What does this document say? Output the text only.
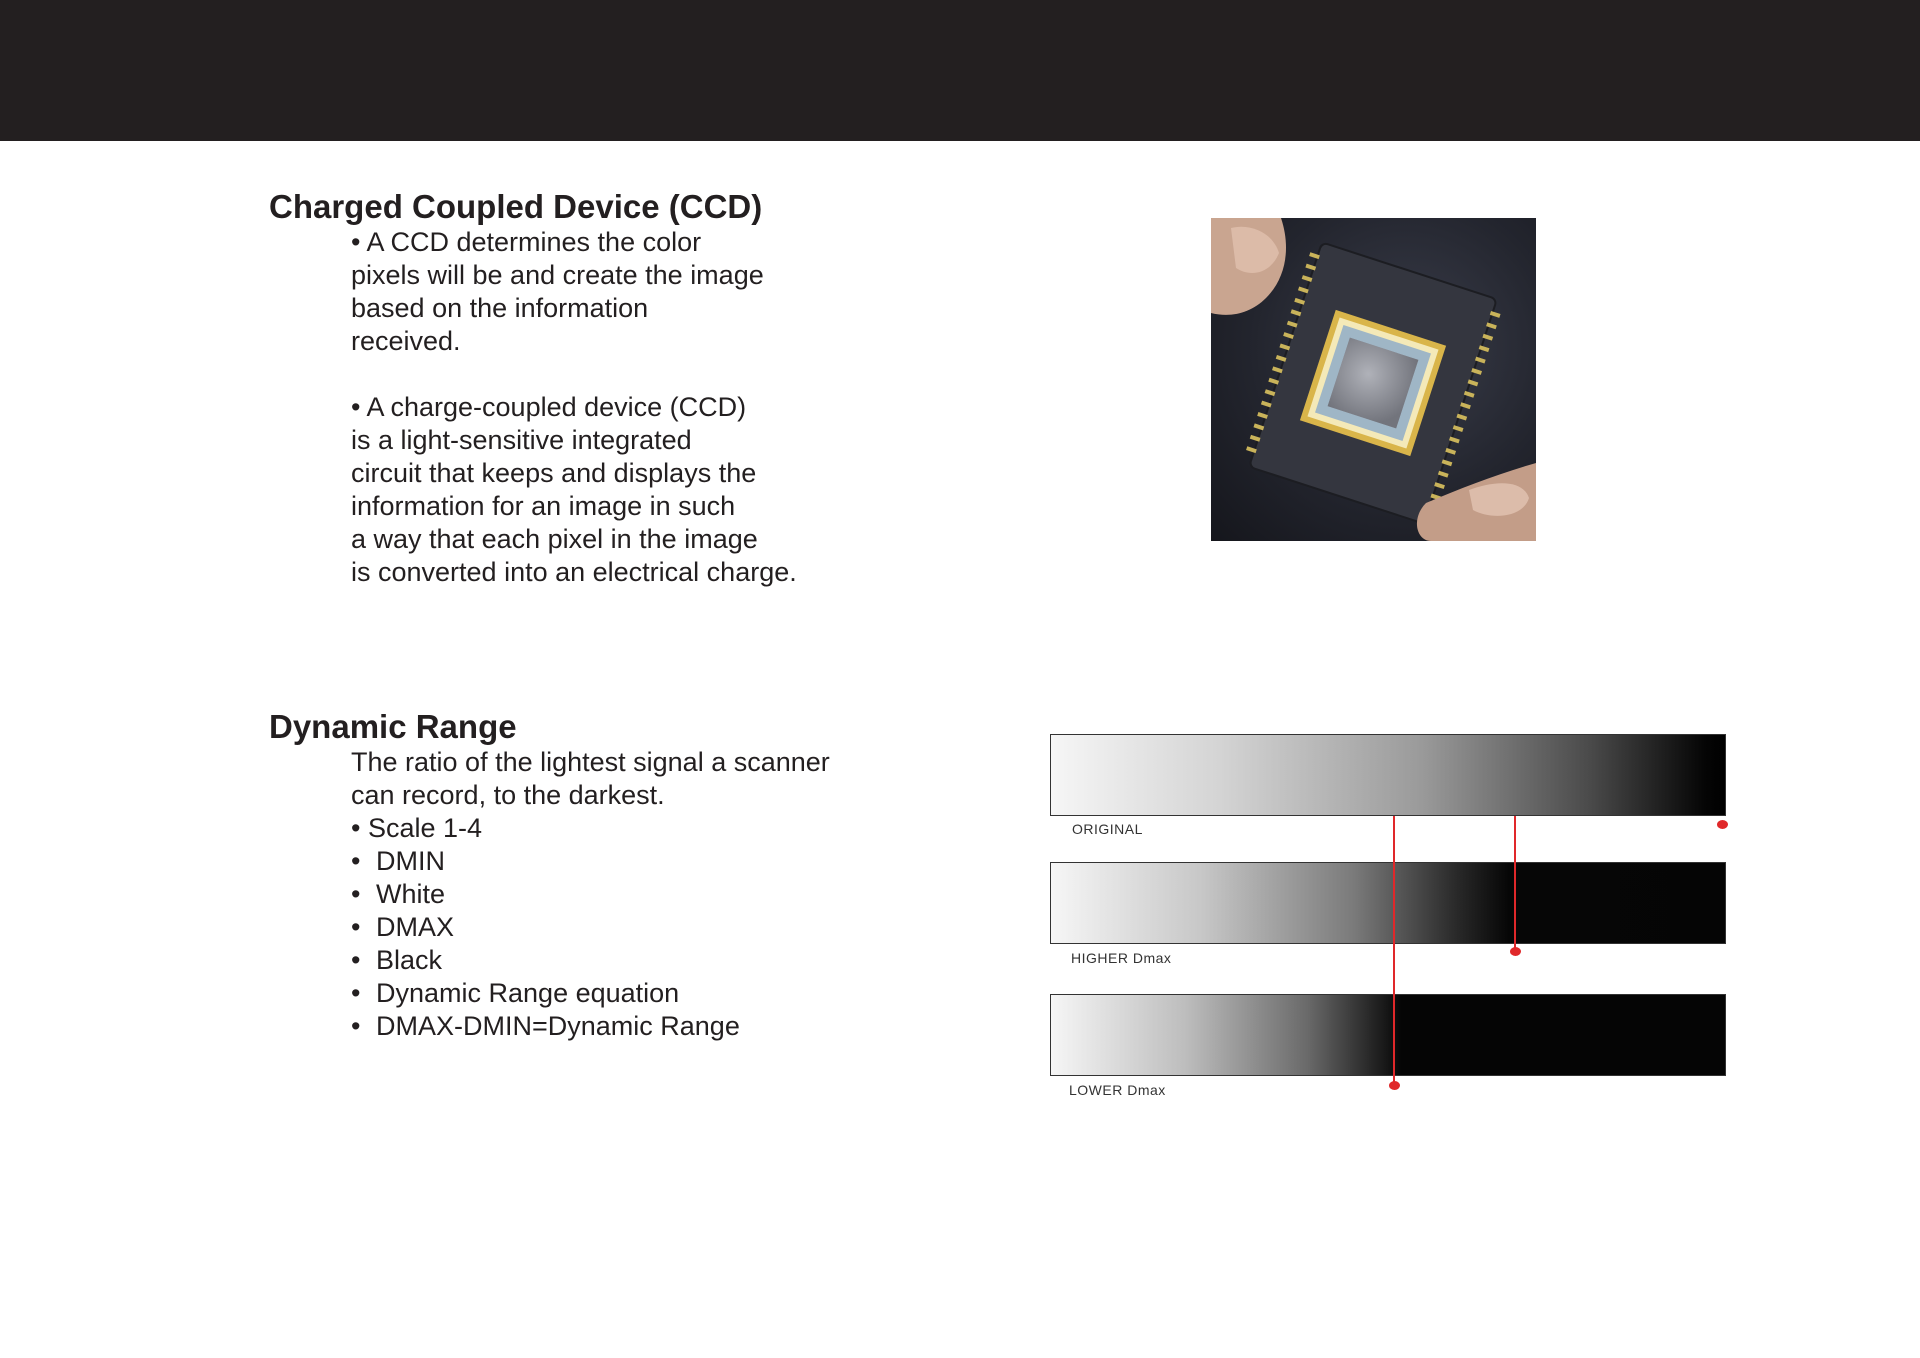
Charged Coupled Device (CCD)
• A CCD determines the color
pixels will be and create the image
based on the information
received.
• A charge-coupled device (CCD)
is a light-sensitive integrated
circuit that keeps and displays the
information for an image in such
a way that each pixel in the image
is converted into an electrical charge.
Dynamic Range
The ratio of the lightest signal a scanner
can record, to the darkest.
• Scale 1-4
• DMIN
• White
• DMAX
• Black
• Dynamic Range equation
• DMAX-DMIN=Dynamic Range
ORIGINAL
HIGHER Dmax
LOWER Dmax
